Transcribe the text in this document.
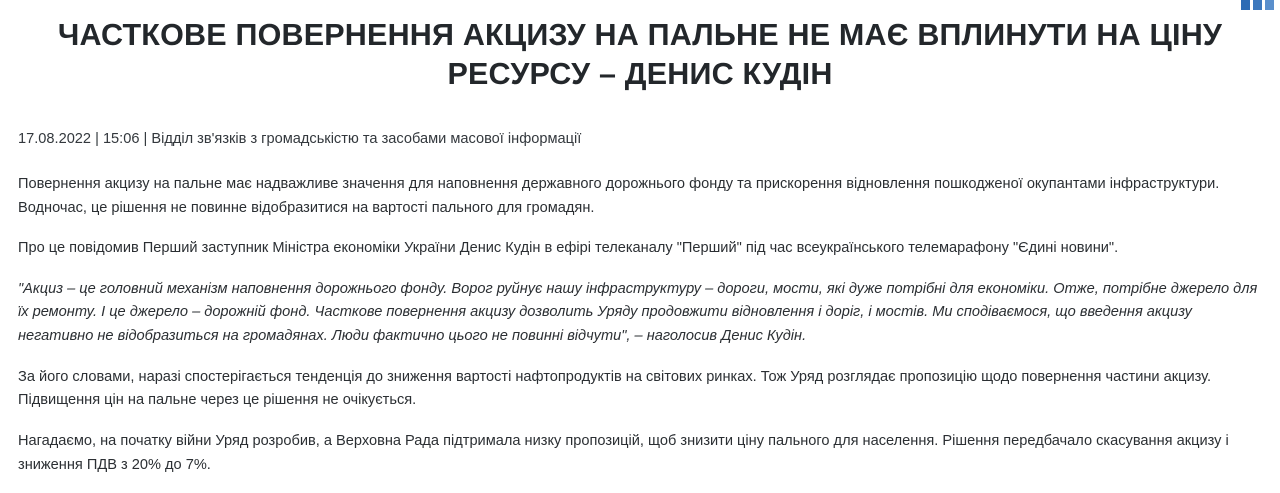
ЧАСТКОВЕ ПОВЕРНЕННЯ АКЦИЗУ НА ПАЛЬНЕ НЕ МАЄ ВПЛИНУТИ НА ЦІНУ РЕСУРСУ – ДЕНИС КУДІН
17.08.2022 | 15:06 | Відділ зв'язків з громадськістю та засобами масової інформації

Повернення акцизу на пальне має надважливе значення для наповнення державного дорожнього фонду та прискорення відновлення пошкодженої окупантами інфраструктури. Водночас, це рішення не повинне відобразитися на вартості пального для громадян.

Про це повідомив Перший заступник Міністра економіки України Денис Кудін в ефірі телеканалу "Перший" під час всеукраїнського телемарафону "Єдині новини".

"Акциз – це головний механізм наповнення дорожнього фонду. Ворог руйнує нашу інфраструктуру – дороги, мости, які дуже потрібні для економіки. Отже, потрібне джерело для їх ремонту. І це джерело – дорожній фонд. Часткове повернення акцизу дозволить Уряду продовжити відновлення і доріг, і мостів. Ми сподіваємося, що введення акцизу негативно не відобразиться на громадянах. Люди фактично цього не повинні відчути", – наголосив Денис Кудін.

За його словами, наразі спостерігається тенденція до зниження вартості нафтопродуктів на світових ринках. Тож Уряд розглядає пропозицію щодо повернення частини акцизу. Підвищення цін на пальне через це рішення не очікується.

Нагадаємо, на початку війни Уряд розробив, а Верховна Рада підтримала низку пропозицій, щоб знизити ціну пального для населення. Рішення передбачало скасування акцизу і зниження ПДВ з 20% до 7%.
